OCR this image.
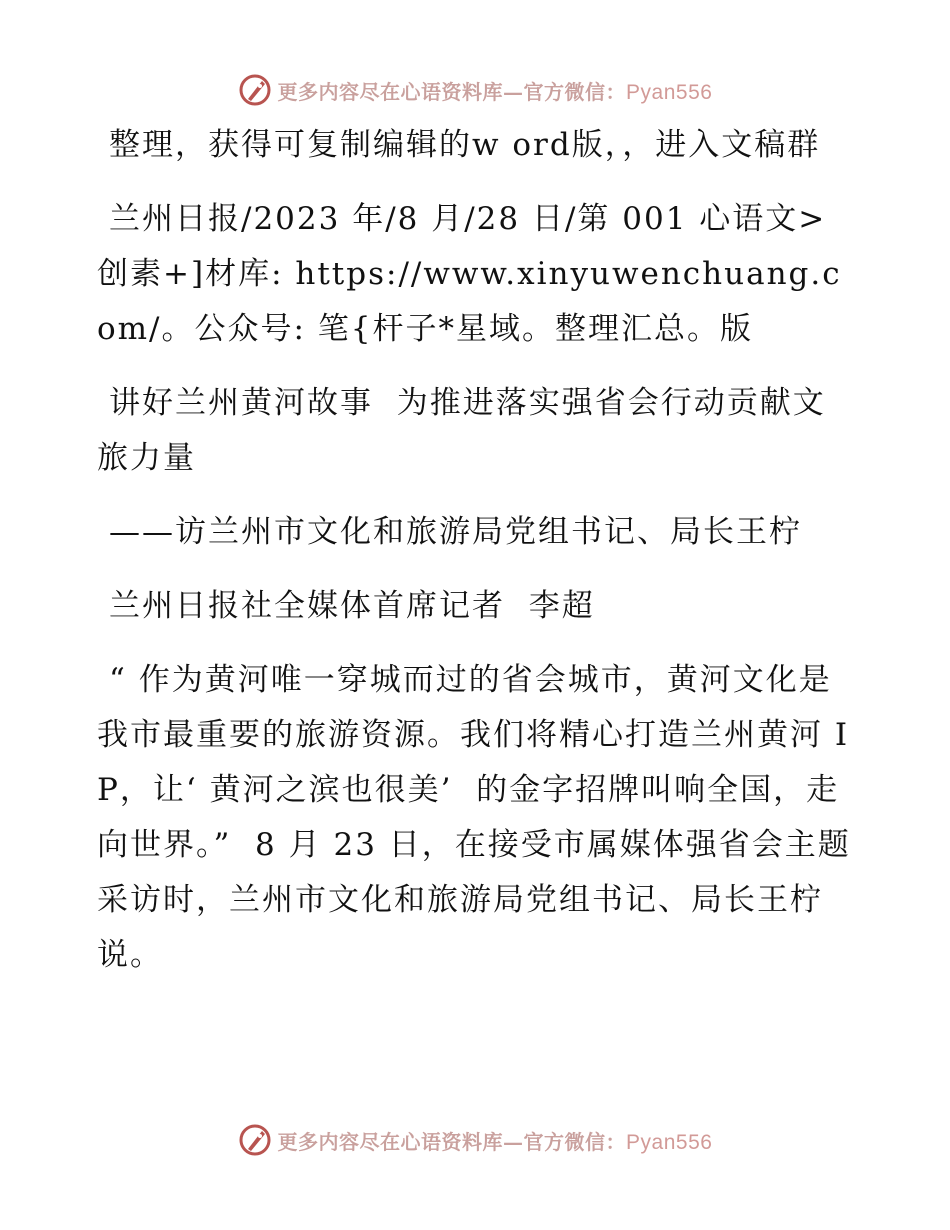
更多内容尽在心语资料库—官方微信：Pyan556

整理，获得可复制编辑的w ord版，，进入文稿群

兰州日报/2023 年/8 月/28 日/第 001 心语文>创素+]材库: https://www.xinyuwenchuang.com/。公众号: 笔{杆子*星域。整理汇总。版

讲好兰州黄河故事  为推进落实强省会行动贡献文旅力量

——访兰州市文化和旅游局党组书记、局长王柠

兰州日报社全媒体首席记者  李超

“ 作为黄河唯一穿城而过的省会城市，黄河文化是我市最重要的旅游资源。我们将精心打造兰州黄河 IP，让‘ 黄河之滨也很美’  的金字招牌叫响全国，走向世界。”  8 月 23 日，在接受市属媒体强省会主题采访时，兰州市文化和旅游局党组书记、局长王柠说。

更多内容尽在心语资料库—官方微信：Pyan556
